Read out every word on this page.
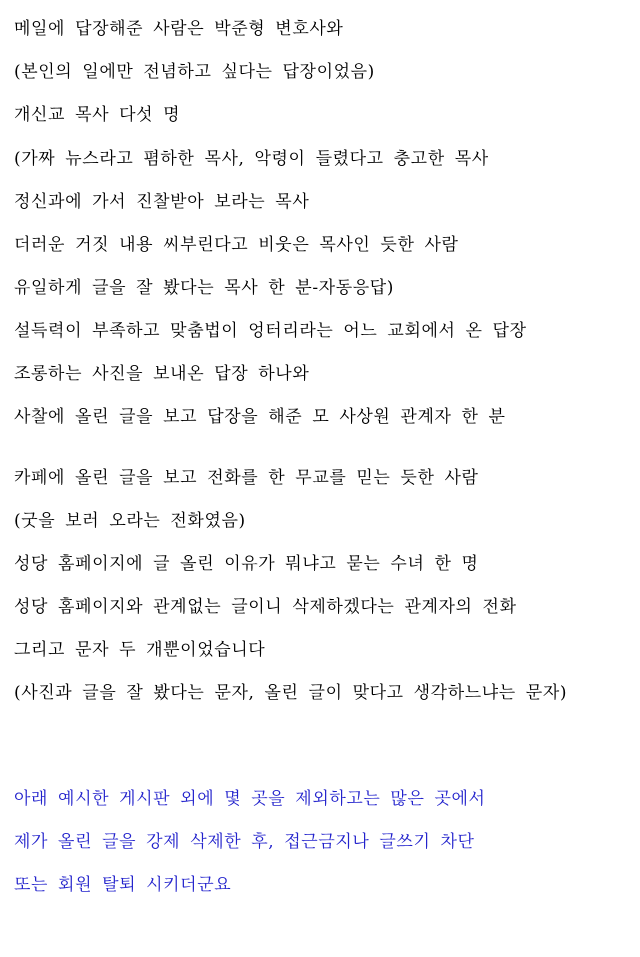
메일에 답장해준 사람은 박준형 변호사와
(본인의 일에만 전념하고 싶다는 답장이었음)
개신교 목사 다섯 명
(가짜 뉴스라고 폄하한 목사, 악령이 들렸다고 충고한 목사
정신과에 가서 진찰받아 보라는 목사
더러운 거짓 내용 씨부린다고 비웃은 목사인 듯한 사람
유일하게 글을 잘 봤다는 목사 한 분-자동응답)
설득력이 부족하고 맞춤법이 엉터리라는 어느 교회에서 온 답장
조롱하는 사진을 보내온 답장 하나와
사찰에 올린 글을 보고 답장을 해준 모 사상원 관계자 한 분
카페에 올린 글을 보고 전화를 한 무교를 믿는 듯한 사람
(굿을 보러 오라는 전화였음)
성당 홈페이지에 글 올린 이유가 뭐냐고 묻는 수녀 한 명
성당 홈페이지와 관계없는 글이니 삭제하겠다는 관계자의 전화
그리고 문자 두 개뿐이었습니다
(사진과 글을 잘 봤다는 문자, 올린 글이 맞다고 생각하느냐는 문자)
아래 예시한 게시판 외에 몇 곳을 제외하고는 많은 곳에서
제가 올린 글을 강제 삭제한 후, 접근금지나 글쓰기 차단
또는 회원 탈퇴 시키더군요
